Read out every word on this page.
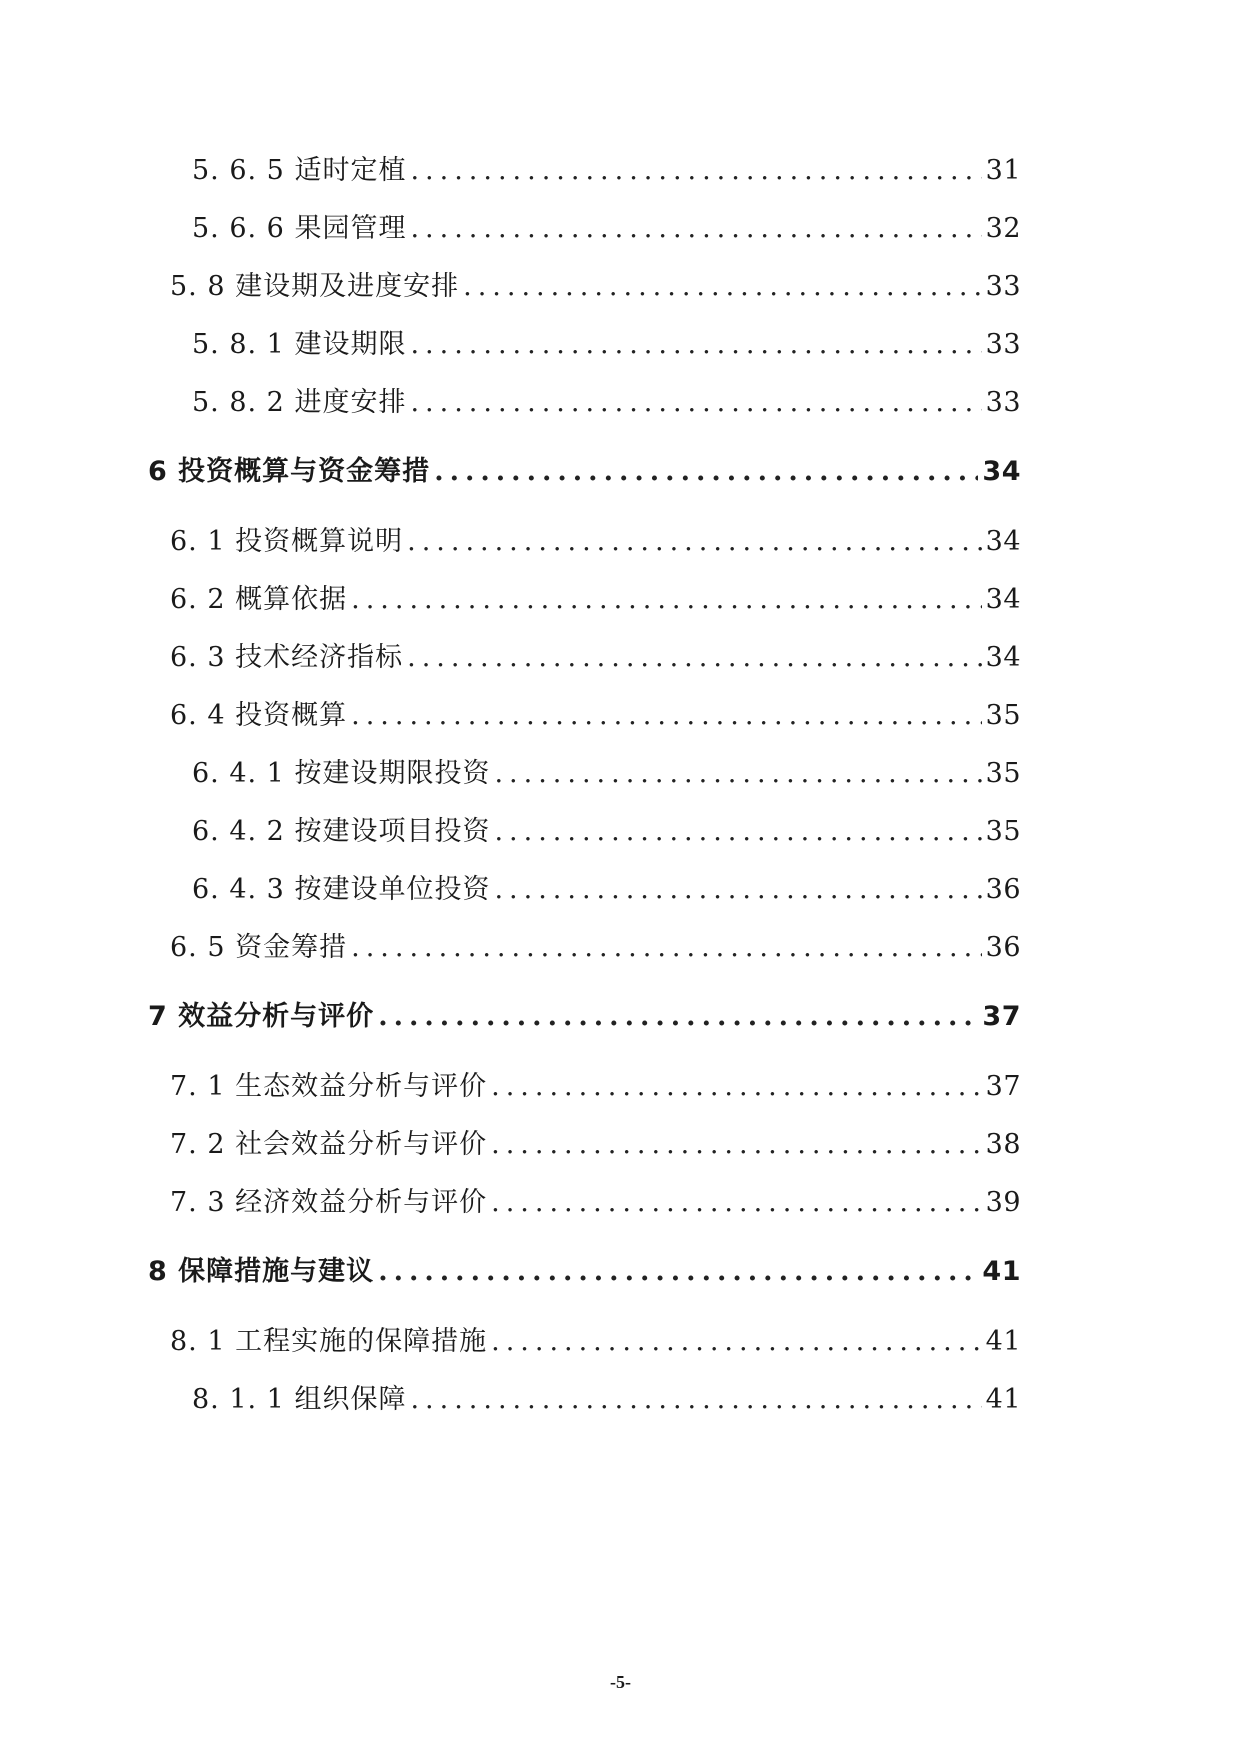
5. 6. 5 适时定植 .....	31
5. 6. 6 果园管理 .....	32
5. 8 建设期及进度安排 .....	33
5. 8. 1 建设期限 .....	33
5. 8. 2 进度安排 .....	33
6 投资概算与资金筹措 .....	34
6. 1 投资概算说明 .....	34
6. 2 概算依据 .....	34
6. 3 技术经济指标 .....	34
6. 4 投资概算 .....	35
6. 4. 1 按建设期限投资 .....	35
6. 4. 2 按建设项目投资 .....	35
6. 4. 3 按建设单位投资 .....	36
6. 5 资金筹措 .....	36
7 效益分析与评价 .....	37
7. 1 生态效益分析与评价 .....	37
7. 2 社会效益分析与评价 .....	38
7. 3 经济效益分析与评价 .....	39
8 保障措施与建议 .....	41
8. 1 工程实施的保障措施 .....	41
8. 1. 1 组织保障 .....	41
-5-
